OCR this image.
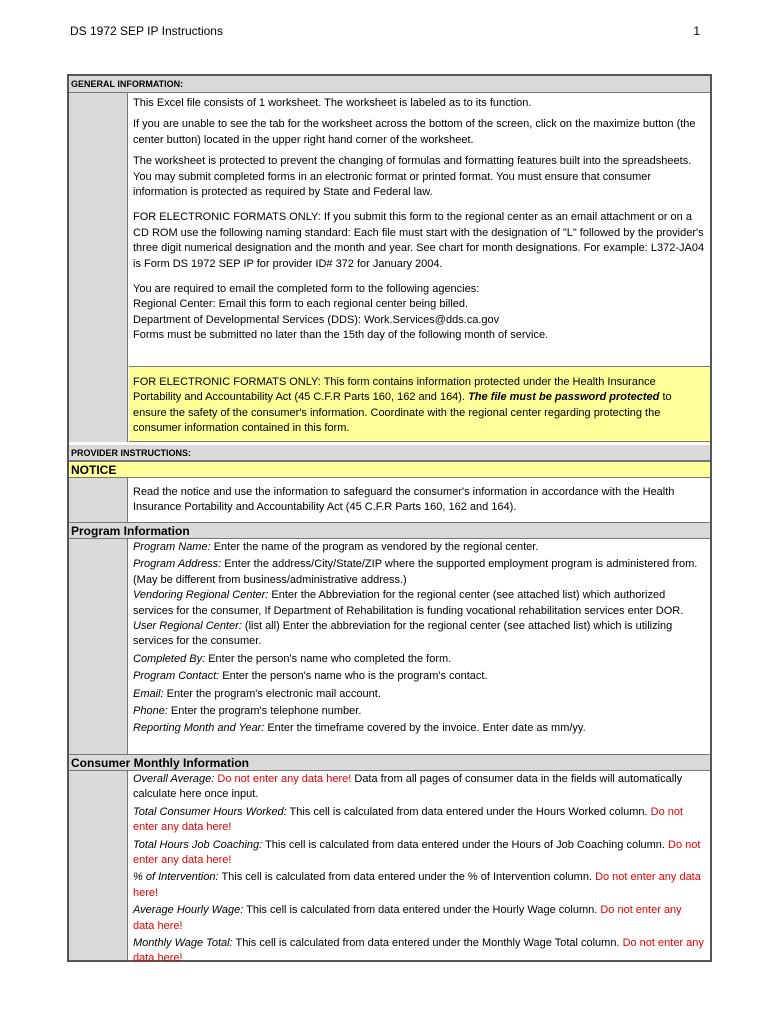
DS 1972 SEP IP Instructions	1
GENERAL INFORMATION:

This Excel file consists of 1 worksheet. The worksheet is labeled as to its function.

If you are unable to see the tab for the worksheet across the bottom of the screen, click on the maximize button (the center button) located in the upper right hand corner of the worksheet.

The worksheet is protected to prevent the changing of formulas and formatting features built into the spreadsheets.

You may submit completed forms in an electronic format or printed format. You must ensure that consumer information is protected as required by State and Federal law.

FOR ELECTRONIC FORMATS ONLY: If you submit this form to the regional center as an email attachment or on a CD ROM use the following naming standard: Each file must start with the designation of "L" followed by the provider's three digit numerical designation and the month and year. See chart for month designations. For example: L372-JA04 is Form DS 1972 SEP IP for provider ID# 372 for January 2004.

You are required to email the completed form to the following agencies:

Regional Center: Email this form to each regional center being billed.

Department of Developmental Services (DDS): Work.Services@dds.ca.gov

Forms must be submitted no later than the 15th day of the following month of service.

FOR ELECTRONIC FORMATS ONLY: This form contains information protected under the Health Insurance Portability and Accountability Act (45 C.F.R Parts 160, 162 and 164). The file must be password protected to ensure the safety of the consumer's information. Coordinate with the regional center regarding protecting the consumer information contained in this form.

PROVIDER INSTRUCTIONS:
NOTICE

Read the notice and use the information to safeguard the consumer's information in accordance with the Health Insurance Portability and Accountability Act (45 C.F.R Parts 160, 162 and 164).

Program Information

Program Name: Enter the name of the program as vendored by the regional center.

Program Address: Enter the address/City/State/ZIP where the supported employment program is administered from. (May be different from business/administrative address.)

Vendoring Regional Center: Enter the Abbreviation for the regional center (see attached list) which authorized services for the consumer, If Department of Rehabilitation is funding vocational rehabilitation services enter DOR.

User Regional Center: (list all) Enter the abbreviation for the regional center (see attached list) which is utilizing services for the consumer.

Completed By: Enter the person's name who completed the form.

Program Contact: Enter the person's name who is the program's contact.

Email: Enter the program's electronic mail account.

Phone: Enter the program's telephone number.

Reporting Month and Year: Enter the timeframe covered by the invoice. Enter date as mm/yy.

Consumer Monthly Information

Overall Average: Do not enter any data here! Data from all pages of consumer data in the fields will automatically calculate here once input.

Total Consumer Hours Worked: This cell is calculated from data entered under the Hours Worked column. Do not enter any data here!

Total Hours Job Coaching: This cell is calculated from data entered under the Hours of Job Coaching column. Do not enter any data here!

% of Intervention: This cell is calculated from data entered under the % of Intervention column. Do not enter any data here!

Average Hourly Wage: This cell is calculated from data entered under the Hourly Wage column. Do not enter any data here!

Monthly Wage Total: This cell is calculated from data entered under the Monthly Wage Total column. Do not enter any data here!
